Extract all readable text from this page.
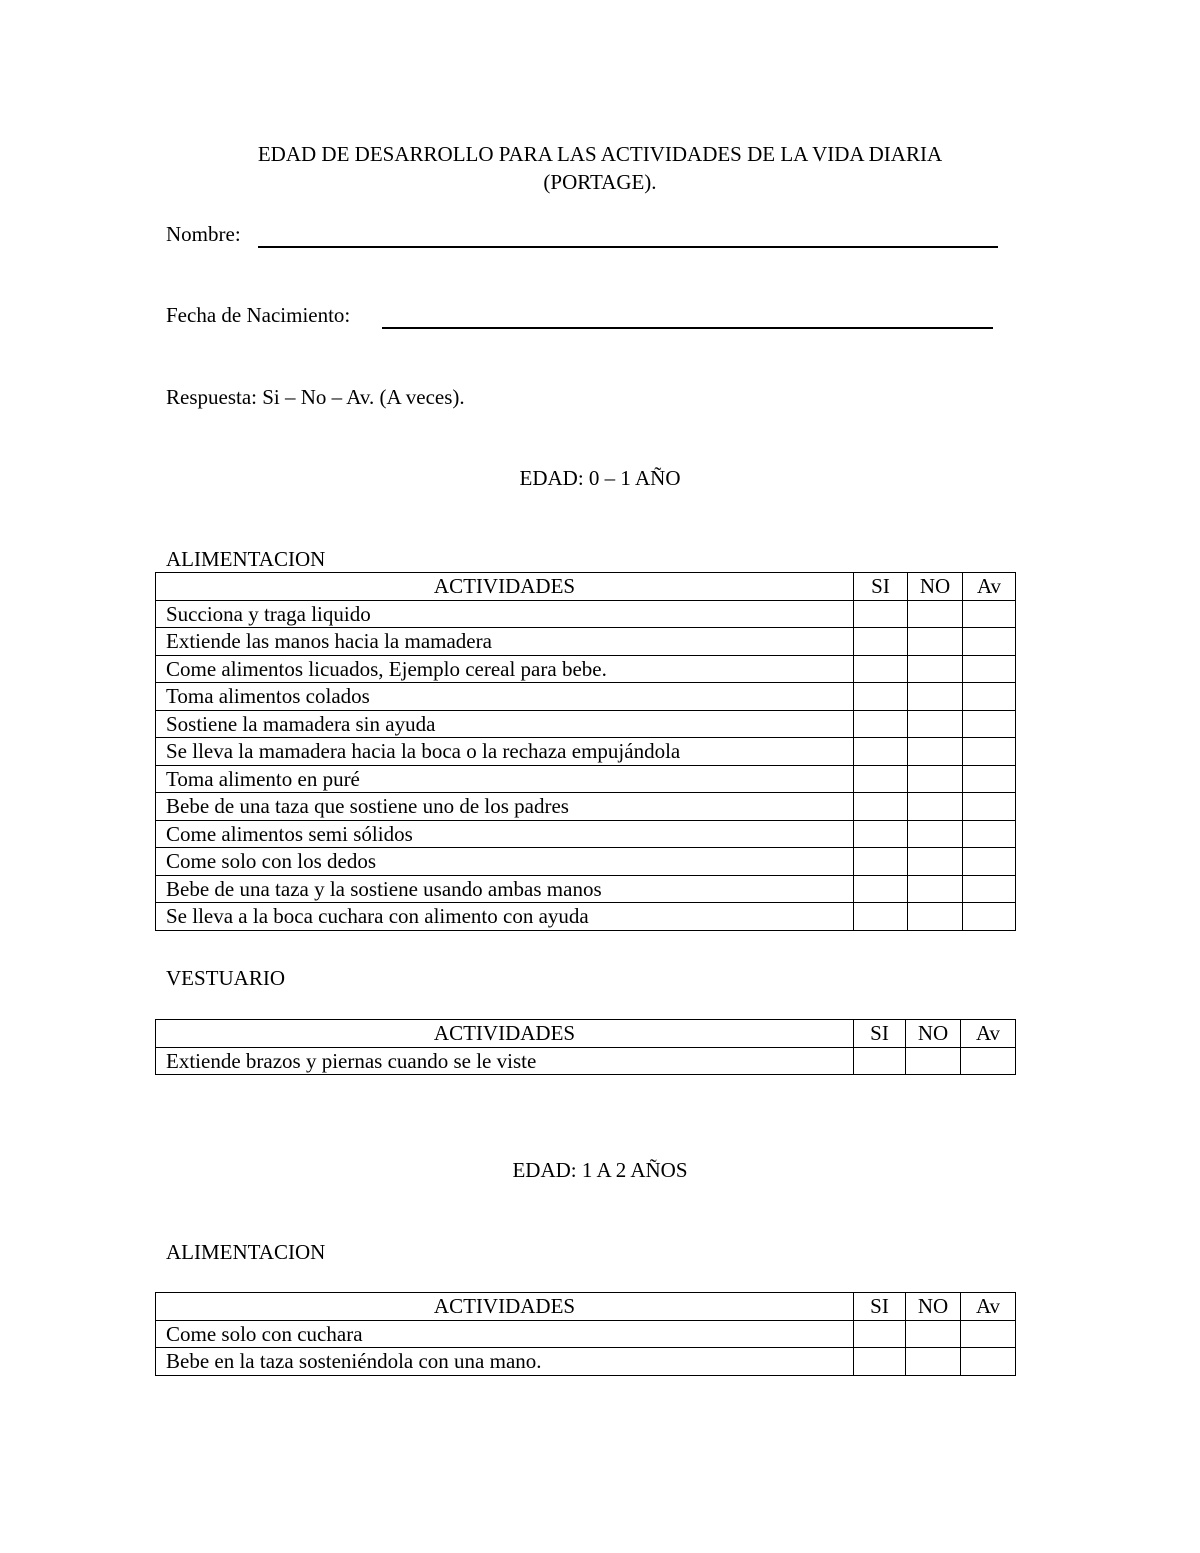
EDAD DE DESARROLLO PARA LAS ACTIVIDADES DE LA VIDA DIARIA
(PORTAGE).
Nombre:
Fecha de Nacimiento:
Respuesta: Si – No – Av. (A veces).
EDAD: 0 – 1 AÑO
ALIMENTACION
ACTIVIDADES	SI	NO	Av
Succiona y traga liquido			
Extiende las manos hacia la mamadera			
Come alimentos licuados, Ejemplo cereal para bebe.			
Toma alimentos colados			
Sostiene la mamadera sin ayuda			
Se lleva la mamadera hacia la boca o la rechaza empujándola			
Toma alimento en puré			
Bebe de una taza que sostiene uno de los padres			
Come alimentos semi sólidos			
Come solo con los dedos			
Bebe de una taza y la sostiene usando ambas manos			
Se lleva a la boca cuchara con alimento con ayuda			
VESTUARIO
ACTIVIDADES	SI	NO	Av
Extiende brazos y piernas cuando se le viste			
EDAD: 1 A 2 AÑOS
ALIMENTACION
ACTIVIDADES	SI	NO	Av
Come solo con cuchara			
Bebe en la taza sosteniéndola con una mano.			
